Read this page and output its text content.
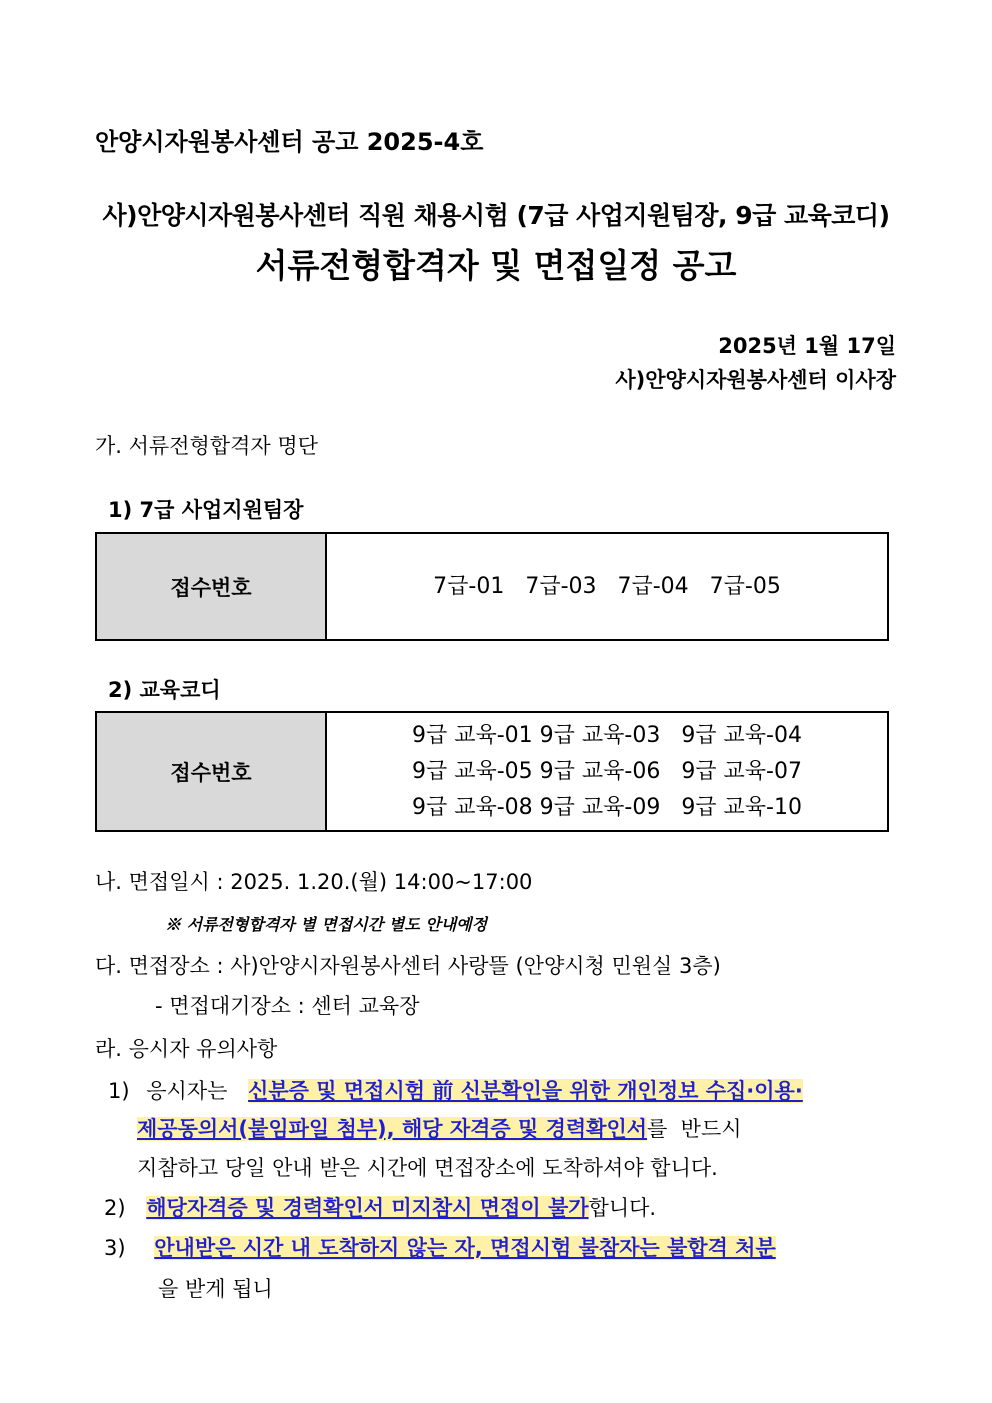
안양시자원봉사센터 공고 2025-4호
사)안양시자원봉사센터 직원 채용시험 (7급 사업지원팀장, 9급 교육코디)
서류전형합격자 및 면접일정 공고
2025년 1월 17일
사)안양시자원봉사센터 이사장
가. 서류전형합격자 명단
1) 7급 사업지원팀장
접수번호	7급-01   7급-03   7급-04   7급-05
2) 교육코디
접수번호	
9급 교육-01 9급 교육-03   9급 교육-04
9급 교육-05 9급 교육-06   9급 교육-07
9급 교육-08 9급 교육-09   9급 교육-10
나. 면접일시 : 2025. 1.20.(월) 14:00~17:00
※ 서류전형합격자 별 면접시간 별도 안내예정
다. 면접장소 : 사)안양시자원봉사센터 사랑뜰 (안양시청 민원실 3층)
- 면접대기장소 : 센터 교육장
라. 응시자 유의사항
1) 응시자는 신분증 및 면접시험 前 신분확인을 위한 개인정보 수집·이용·
제공동의서(붙임파일 첨부), 해당 자격증 및 경력확인서를  반드시
지참하고 당일 안내 받은 시간에 면접장소에 도착하셔야 합니다.
2) 해당자격증 및 경력확인서 미지참시 면접이 불가합니다.
3) 안내받은 시간 내 도착하지 않는 자, 면접시험 불참자는 불합격 처분
을 받게 됩니
